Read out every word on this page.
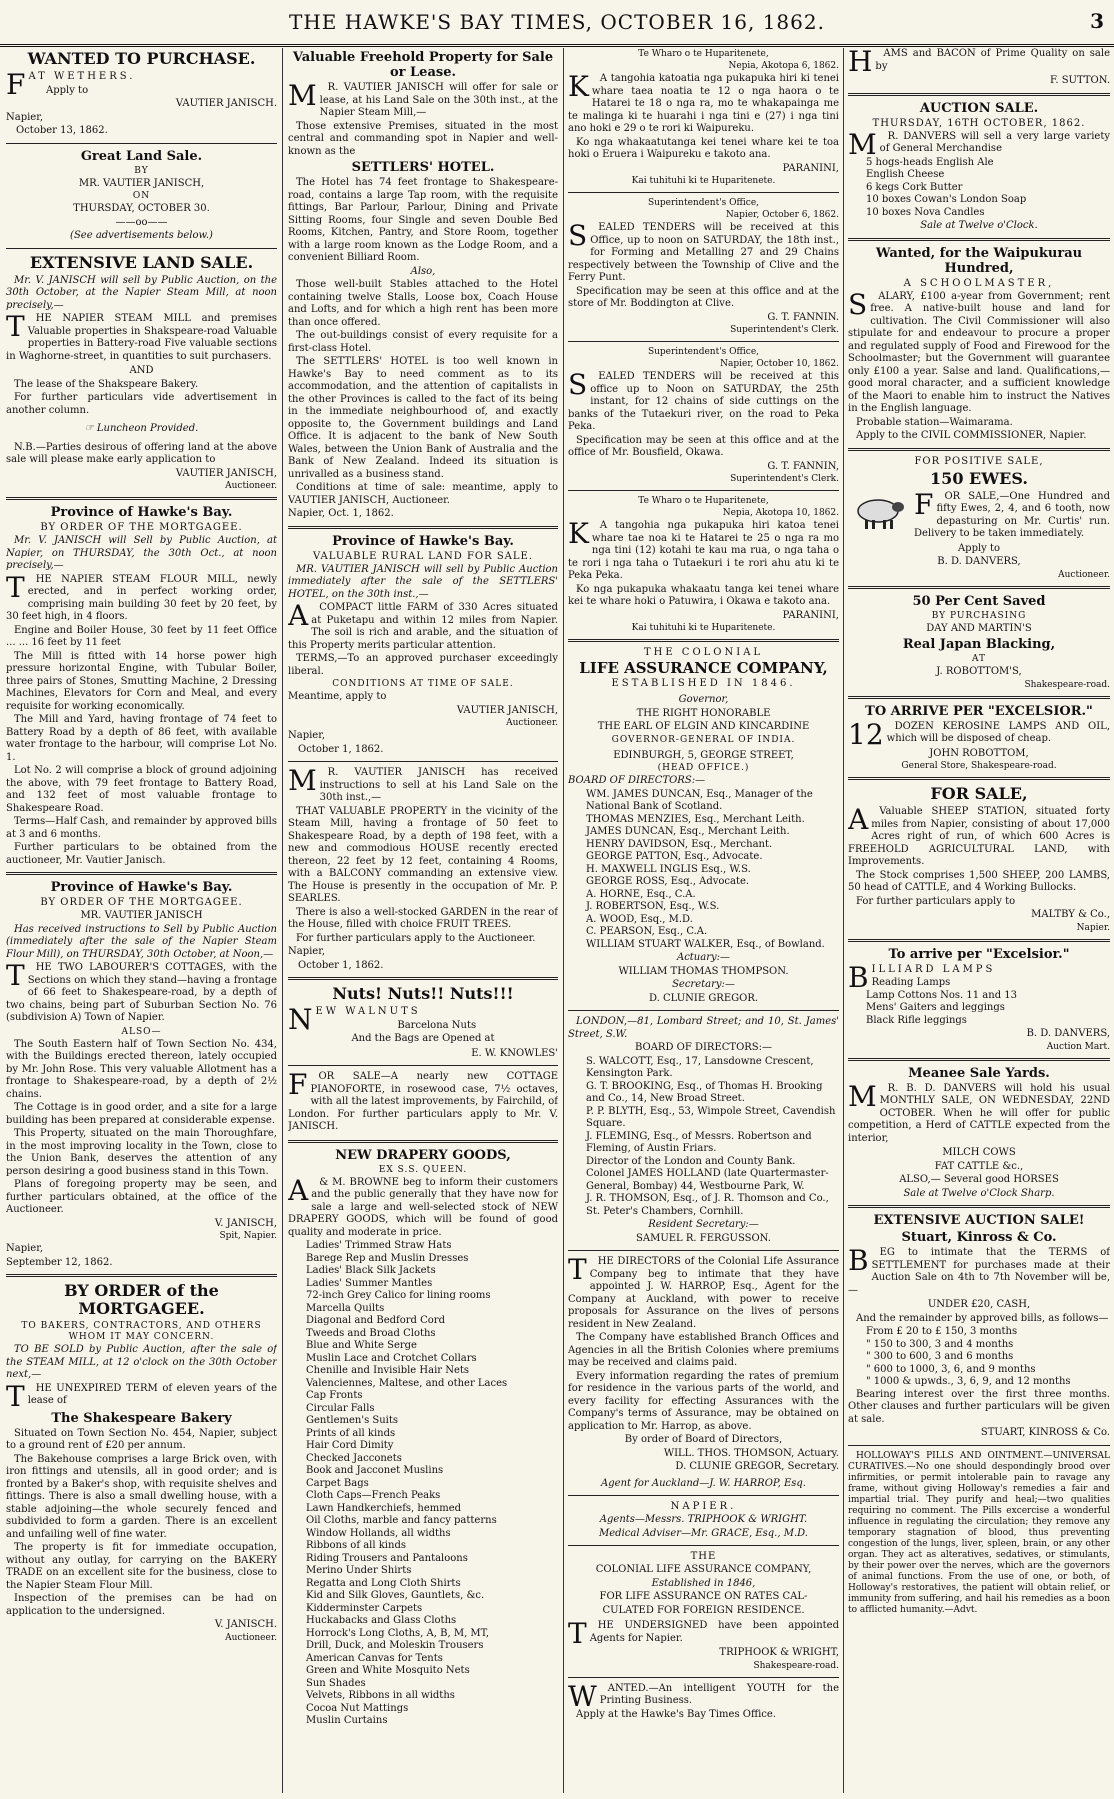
THE HAWKE'S BAY TIMES, OCTOBER 16, 1862.	3
WANTED TO PURCHASE.
F AT WETHERS.
Apply to
VAUTIER JANISCH.
Napier,
October 13, 1862.
Great Land Sale.
BY
MR. VAUTIER JANISCH,
ON
THURSDAY, OCTOBER 30.
——oo——
(See advertisements below.)
EXTENSIVE LAND SALE.
Mr. V. JANISCH will sell by Public Auction, on the 30th October, at the Napier Steam Mill, at noon precisely,—
T	HE NAPIER STEAM MILL and premises Valuable properties in Shakspeare-road Valuable properties in Battery-road Five valuable sections in Waghorne-street, in quantities to suit purchasers.
AND
The lease of the Shakspeare Bakery.
For further particulars vide advertisement in another column.
☞ Luncheon Provided.
N.B.—Parties desirous of offering land at the above sale will please make early application to
VAUTIER JANISCH,
Auctioneer.
Province of Hawke's Bay.
BY ORDER OF THE MORTGAGEE.
Mr. V. JANISCH will Sell by Public Auction, at Napier, on THURSDAY, the 30th Oct., at noon precisely,—
T	HE NAPIER STEAM FLOUR MILL, newly erected, and in perfect working order, comprising main building 30 feet by 20 feet, by 30 feet high, in 4 floors.
Engine and Boiler House, 30 feet by 11 feet Office ... ... 16 feet by 11 feet
The Mill is fitted with 14 horse power high pressure horizontal Engine, with Tubular Boiler, three pairs of Stones, Smutting Machine, 2 Dressing Machines, Elevators for Corn and Meal, and every requisite for working economically.
The Mill and Yard, having frontage of 74 feet to Battery Road by a depth of 86 feet, with available water frontage to the harbour, will comprise Lot No. 1.
Lot No. 2 will comprise a block of ground adjoining the above, with 79 feet frontage to Battery Road, and 132 feet of most valuable frontage to Shakespeare Road.
Terms—Half Cash, and remainder by approved bills at 3 and 6 months.
Further particulars to be obtained from the auctioneer, Mr. Vautier Janisch.
Province of Hawke's Bay.
BY ORDER OF THE MORTGAGEE.
MR. VAUTIER JANISCH
Has received instructions to Sell by Public Auction (immediately after the sale of the Napier Steam Flour Mill), on THURSDAY, 30th October, at Noon,—
T	HE TWO LABOURER'S COTTAGES, with the Sections on which they stand—having a frontage of 66 feet to Shakespeare-road, by a depth of two chains, being part of Suburban Section No. 76 (subdivision A) Town of Napier.
ALSO—
The South Eastern half of Town Section No. 434, with the Buildings erected thereon, lately occupied by Mr. John Rose. This very valuable Allotment has a frontage to Shakespeare-road, by a depth of 2½ chains.
The Cottage is in good order, and a site for a large building has been prepared at considerable expense.
This Property, situated on the main Thoroughfare, in the most improving locality in the Town, close to the Union Bank, deserves the attention of any person desiring a good business stand in this Town.
Plans of foregoing property may be seen, and further particulars obtained, at the office of the Auctioneer.
V. JANISCH,
Spit, Napier.
Napier,
September 12, 1862.
BY ORDER of the MORTGAGEE.
TO BAKERS, CONTRACTORS, AND OTHERS WHOM IT MAY CONCERN.
TO BE SOLD by Public Auction, after the sale of the STEAM MILL, at 12 o'clock on the 30th October next,—
T	HE UNEXPIRED TERM of eleven years of the lease of
The Shakespeare Bakery
Situated on Town Section No. 454, Napier, subject to a ground rent of £20 per annum.
The Bakehouse comprises a large Brick oven, with iron fittings and utensils, all in good order; and is fronted by a Baker's shop, with requisite shelves and fittings. There is also a small dwelling house, with a stable adjoining—the whole securely fenced and subdivided to form a garden. There is an excellent and unfailing well of fine water.
The property is fit for immediate occupation, without any outlay, for carrying on the BAKERY TRADE on an excellent site for the business, close to the Napier Steam Flour Mill.
Inspection of the premises can be had on application to the undersigned.
V. JANISCH.
Auctioneer.
Valuable Freehold Property for Sale or Lease.
M	R. VAUTIER JANISCH will offer for sale or lease, at his Land Sale on the 30th inst., at the Napier Steam Mill,—
Those extensive Premises, situated in the most central and commanding spot in Napier and well-known as the
SETTLERS' HOTEL.
The Hotel has 74 feet frontage to Shakespeare-road, contains a large Tap room, with the requisite fittings, Bar Parlour, Parlour, Dining and Private Sitting Rooms, four Single and seven Double Bed Rooms, Kitchen, Pantry, and Store Room, together with a large room known as the Lodge Room, and a convenient Billiard Room.
Also,
Those well-built Stables attached to the Hotel containing twelve Stalls, Loose box, Coach House and Lofts, and for which a high rent has been more than once offered.
The out-buildings consist of every requisite for a first-class Hotel.
The SETTLERS' HOTEL is too well known in Hawke's Bay to need comment as to its accommodation, and the attention of capitalists in the other Provinces is called to the fact of its being in the immediate neighbourhood of, and exactly opposite to, the Government buildings and Land Office. It is adjacent to the bank of New South Wales, between the Union Bank of Australia and the Bank of New Zealand. Indeed its situation is unrivalled as a business stand.
Conditions at time of sale: meantime, apply to VAUTIER JANISCH, Auctioneer.
Napier, Oct. 1, 1862.
Province of Hawke's Bay.
VALUABLE RURAL LAND FOR SALE.
MR. VAUTIER JANISCH will sell by Public Auction immediately after the sale of the SETTLERS' HOTEL, on the 30th inst.,—
A	COMPACT little FARM of 330 Acres situated at Puketapu and within 12 miles from Napier. The soil is rich and arable, and the situation of this Property merits particular attention.
TERMS,—To an approved purchaser exceedingly liberal.
CONDITIONS AT TIME OF SALE.
Meantime, apply to
VAUTIER JANISCH,
Auctioneer.
Napier,
October 1, 1862.
M	R. VAUTIER JANISCH has received instructions to sell at his Land Sale on the 30th inst.,—
THAT VALUABLE PROPERTY in the vicinity of the Steam Mill, having a frontage of 50 feet to Shakespeare Road, by a depth of 198 feet, with a new and commodious HOUSE recently erected thereon, 22 feet by 12 feet, containing 4 Rooms, with a BALCONY commanding an extensive view. The House is presently in the occupation of Mr. P. SEARLES.
There is also a well-stocked GARDEN in the rear of the House, filled with choice FRUIT TREES.
For further particulars apply to the Auctioneer.
Napier,
October 1, 1862.
Nuts! Nuts!! Nuts!!!
N EW WALNUTS
Barcelona Nuts
And the Bags are Opened at
E. W. KNOWLES'
F	OR SALE—A nearly new COTTAGE PIANOFORTE, in rosewood case, 7½ octaves, with all the latest improvements, by Fairchild, of London. For further particulars apply to Mr. V. JANISCH.
NEW DRAPERY GOODS,
EX S.S. QUEEN.
A	& M. BROWNE beg to inform their customers and the public generally that they have now for sale a large and well-selected stock of NEW DRAPERY GOODS, which will be found of good quality and moderate in price.
Ladies' Trimmed Straw Hats
Barege Rep and Muslin Dresses
Ladies' Black Silk Jackets
Ladies' Summer Mantles
72-inch Grey Calico for lining rooms
Marcella Quilts
Diagonal and Bedford Cord
Tweeds and Broad Cloths
Blue and White Serge
Muslin Lace and Crotchet Collars
Chenille and Invisible Hair Nets
Valenciennes, Maltese, and other Laces
Cap Fronts
Circular Falls
Gentlemen's Suits
Prints of all kinds
Hair Cord Dimity
Checked Jacconets
Book and Jacconet Muslins
Carpet Bags
Cloth Caps—French Peaks
Lawn Handkerchiefs, hemmed
Oil Cloths, marble and fancy patterns
Window Hollands, all widths
Ribbons of all kinds
Riding Trousers and Pantaloons
Merino Under Shirts
Regatta and Long Cloth Shirts
Kid and Silk Gloves, Gauntlets, &c.
Kidderminster Carpets
Huckabacks and Glass Cloths
Horrock's Long Cloths, A, B, M, MT,
Drill, Duck, and Moleskin Trousers
American Canvas for Tents
Green and White Mosquito Nets
Sun Shades
Velvets, Ribbons in all widths
Cocoa Nut Mattings
Muslin Curtains
Te Wharo o te Huparitenete,
Nepia, Akotopa 6, 1862.
K	A tangohia katoatia nga pukapuka hiri ki tenei whare taea noatia te 12 o nga haora o te Hatarei te 18 o nga ra, mo te whakapainga me te malinga ki te huarahi i nga tini e (27) i nga tini ano hoki e 29 o te rori ki Waipureku.
Ko nga whakaatutanga kei tenei whare kei te toa hoki o Eruera i Waipureku e takoto ana.
PARANINI,
Kai tuhituhi ki te Huparitenete.
Superintendent's Office,
Napier, October 6, 1862.
S	EALED TENDERS will be received at this Office, up to noon on SATURDAY, the 18th inst., for Forming and Metalling 27 and 29 Chains respectively between the Township of Clive and the Ferry Punt.
Specification may be seen at this office and at the store of Mr. Boddington at Clive.
G. T. FANNIN.
Superintendent's Clerk.
Superintendent's Office,
Napier, October 10, 1862.
S	EALED TENDERS will be received at this office up to Noon on SATURDAY, the 25th instant, for 12 chains of side cuttings on the banks of the Tutaekuri river, on the road to Peka Peka.
Specification may be seen at this office and at the office of Mr. Bousfield, Okawa.
G. T. FANNIN,
Superintendent's Clerk.
Te Wharo o te Huparitenete,
Nepia, Akotopa 10, 1862.
K	A tangohia nga pukapuka hiri katoa tenei whare tae noa ki te Hatarei te 25 o nga ra mo nga tini (12) kotahi te kau ma rua, o nga taha o te rori i nga taha o Tutaekuri i te rori ahu atu ki te Peka Peka.
Ko nga pukapuka whakaatu tanga kei tenei whare kei te whare hoki o Patuwira, i Okawa e takoto ana.
PARANINI,
Kai tuhituhi ki te Huparitenete.
THE COLONIAL
LIFE ASSURANCE COMPANY,
ESTABLISHED IN 1846.
Governor,
THE RIGHT HONORABLE
THE EARL OF ELGIN AND KINCARDINE
GOVERNOR-GENERAL OF INDIA.
EDINBURGH, 5, GEORGE STREET,
(HEAD OFFICE.)
BOARD OF DIRECTORS:—
WM. JAMES DUNCAN, Esq., Manager of the National Bank of Scotland.
THOMAS MENZIES, Esq., Merchant Leith.
JAMES DUNCAN, Esq., Merchant Leith.
HENRY DAVIDSON, Esq., Merchant.
GEORGE PATTON, Esq., Advocate.
H. MAXWELL INGLIS Esq., W.S.
GEORGE ROSS, Esq., Advocate.
A. HORNE, Esq., C.A.
J. ROBERTSON, Esq., W.S.
A. WOOD, Esq., M.D.
C. PEARSON, Esq., C.A.
WILLIAM STUART WALKER, Esq., of Bowland.
Actuary:—
WILLIAM THOMAS THOMPSON.
Secretary:—
D. CLUNIE GREGOR.
LONDON,—81, Lombard Street; and 10, St. James' Street, S.W.
BOARD OF DIRECTORS:—
S. WALCOTT, Esq., 17, Lansdowne Crescent, Kensington Park.
G. T. BROOKING, Esq., of Thomas H. Brooking and Co., 14, New Broad Street.
P. P. BLYTH, Esq., 53, Wimpole Street, Cavendish Square.
J. FLEMING, Esq., of Messrs. Robertson and Fleming, of Austin Friars.
Director of the London and County Bank.
Colonel JAMES HOLLAND (late Quartermaster-General, Bombay) 44, Westbourne Park, W.
J. R. THOMSON, Esq., of J. R. Thomson and Co., St. Peter's Chambers, Cornhill.
Resident Secretary:—
SAMUEL R. FERGUSSON.
T	HE DIRECTORS of the Colonial Life Assurance Company beg to intimate that they have appointed J. W. HARROP, Esq., Agent for the Company at Auckland, with power to receive proposals for Assurance on the lives of persons resident in New Zealand.
The Company have established Branch Offices and Agencies in all the British Colonies where premiums may be received and claims paid.
Every information regarding the rates of premium for residence in the various parts of the world, and every facility for effecting Assurances with the Company's terms of Assurance, may be obtained on application to Mr. Harrop, as above.
By order of Board of Directors,
WILL. THOS. THOMSON, Actuary.
D. CLUNIE GREGOR, Secretary.
Agent for Auckland—J. W. HARROP, Esq.
NAPIER.
Agents—Messrs. TRIPHOOK & WRIGHT.
Medical Adviser—Mr. GRACE, Esq., M.D.
THE
COLONIAL LIFE ASSURANCE COMPANY,
Established in 1846,
FOR LIFE ASSURANCE ON RATES CAL-
CULATED FOR FOREIGN RESIDENCE.
T	HE UNDERSIGNED have been appointed Agents for Napier.
TRIPHOOK & WRIGHT,
Shakespeare-road.
W	ANTED.—An intelligent YOUTH for the Printing Business.
Apply at the Hawke's Bay Times Office.
H	AMS and BACON of Prime Quality on sale by
F. SUTTON.
AUCTION SALE.
THURSDAY, 16TH OCTOBER, 1862.
M	R. DANVERS will sell a very large variety of General Merchandise
5 hogs-heads English Ale
English Cheese
6 kegs Cork Butter
10 boxes Cowan's London Soap
10 boxes Nova Candles
Sale at Twelve o'Clock.
Wanted, for the Waipukurau Hundred,
A SCHOOLMASTER,
S	ALARY, £100 a-year from Government; rent free. A native-built house and land for cultivation. The Civil Commissioner will also stipulate for and endeavour to procure a proper and regulated supply of Food and Firewood for the Schoolmaster; but the Government will guarantee only £100 a year. Salse and land. Qualifications,—good moral character, and a sufficient knowledge of the Maori to enable him to instruct the Natives in the English language.
Probable station—Waimarama.
Apply to the CIVIL COMMISSIONER, Napier.
FOR POSITIVE SALE,
150 EWES.
F	OR SALE,—One Hundred and fifty Ewes, 2, 4, and 6 tooth, now depasturing on Mr. Curtis' run. Delivery to be taken immediately.
Apply to
B. D. DANVERS,
Auctioneer.
50 Per Cent Saved
BY PURCHASING
DAY AND MARTIN'S
Real Japan Blacking,
AT
J. ROBOTTOM'S,
Shakespeare-road.
TO ARRIVE PER "EXCELSIOR."
12	DOZEN KEROSINE LAMPS AND OIL, which will be disposed of cheap.
JOHN ROBOTTOM,
General Store, Shakespeare-road.
FOR SALE,
A	Valuable SHEEP STATION, situated forty miles from Napier, consisting of about 17,000 Acres right of run, of which 600 Acres is FREEHOLD AGRICULTURAL LAND, with Improvements.
The Stock comprises 1,500 SHEEP, 200 LAMBS, 50 head of CATTLE, and 4 Working Bullocks.
For further particulars apply to
MALTBY & Co.,
Napier.
To arrive per "Excelsior."
B ILLIARD LAMPS
Reading Lamps
Lamp Cottons Nos. 11 and 13
Mens' Gaiters and leggings
Black Rifle leggings
B. D. DANVERS,
Auction Mart.
Meanee Sale Yards.
M	R. B. D. DANVERS will hold his usual MONTHLY SALE, ON WEDNESDAY, 22ND OCTOBER. When he will offer for public competition, a Herd of CATTLE expected from the interior,
MILCH COWS
FAT CATTLE &c.,
ALSO,— Several good HORSES
Sale at Twelve o'Clock Sharp.
EXTENSIVE AUCTION SALE!
Stuart, Kinross & Co.
B	EG to intimate that the TERMS of SETTLEMENT for purchases made at their Auction Sale on 4th to 7th November will be,—
UNDER £20, CASH,
And the remainder by approved bills, as follows—
From £ 20 to £ 150, 3 months
" 150 to 300, 3 and 4 months
" 300 to 600, 3 and 6 months
" 600 to 1000, 3, 6, and 9 months
" 1000 & upwds., 3, 6, 9, and 12 months
Bearing interest over the first three months. Other clauses and further particulars will be given at sale.
STUART, KINROSS & Co.
HOLLOWAY'S PILLS AND OINTMENT.—UNIVERSAL CURATIVES.—No one should despondingly brood over infirmities, or permit intolerable pain to ravage any frame, without giving Holloway's remedies a fair and impartial trial. They purify and heal;—two qualities requiring no comment. The Pills excercise a wonderful influence in regulating the circulation; they remove any temporary stagnation of blood, thus preventing congestion of the lungs, liver, spleen, brain, or any other organ. They act as alteratives, sedatives, or stimulants, by their power over the nerves, which are the governors of animal functions. From the use of one, or both, of Holloway's restoratives, the patient will obtain relief, or immunity from suffering, and hail his remedies as a boon to afflicted humanity.—Advt.
